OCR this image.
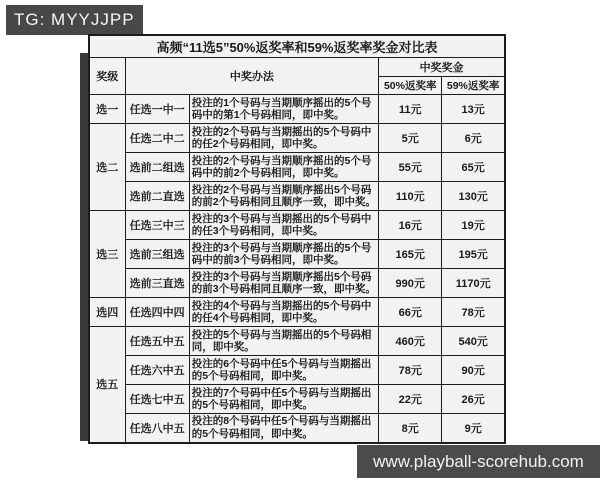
TG: MYYJJPP
高频“11选5”50%返奖率和59%返奖率奖金对比表				
奖级	中奖办法		中奖奖金	
			50%返奖率	59%返奖率
选一	任选一中一	投注的1个号码与当期顺序摇出的5个号码中的第1个号码相同，即中奖。	11元	13元
选二	任选二中二	投注的2个号码与当期摇出的5个号码中的任2个号码相同，即中奖。	5元	6元
	选前二组选	投注的2个号码与当期顺序摇出的5个号码中的前2个号码相同，即中奖。	55元	65元
	选前二直选	投注的2个号码与当期顺序摇出5个号码的前2个号码相同且顺序一致，即中奖。	110元	130元
选三	任选三中三	投注的3个号码与当期摇出的5个号码中的任3个号码相同，即中奖。	16元	19元
	选前三组选	投注的3个号码与当期顺序摇出的5个号码中的前3个号码相同，即中奖。	165元	195元
	选前三直选	投注的3个号码与当期顺序摇出5个号码的前3个号码相同且顺序一致，即中奖。	990元	1170元
选四	任选四中四	投注的4个号码与当期摇出的5个号码中的任4个号码相同，即中奖。	66元	78元
选五	任选五中五	投注的5个号码与当期摇出的5个号码相同，即中奖。	460元	540元
	任选六中五	投注的6个号码中任5个号码与当期摇出的5个号码相同，即中奖。	78元	90元
	任选七中五	投注的7个号码中任5个号码与当期摇出的5个号码相同，即中奖。	22元	26元
	任选八中五	投注的8个号码中任5个号码与当期摇出的5个号码相同，即中奖。	8元	9元
www.playball-scorehub.com
